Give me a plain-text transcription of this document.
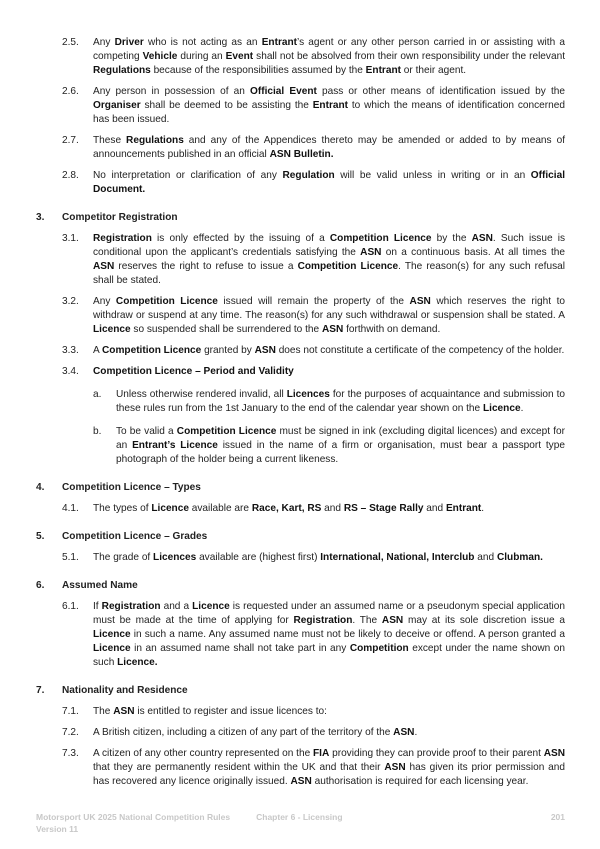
2.5. Any Driver who is not acting as an Entrant’s agent or any other person carried in or assisting with a competing Vehicle during an Event shall not be absolved from their own responsibility under the relevant Regulations because of the responsibilities assumed by the Entrant or their agent.
2.6. Any person in possession of an Official Event pass or other means of identification issued by the Organiser shall be deemed to be assisting the Entrant to which the means of identification concerned has been issued.
2.7. These Regulations and any of the Appendices thereto may be amended or added to by means of announcements published in an official ASN Bulletin.
2.8. No interpretation or clarification of any Regulation will be valid unless in writing or in an Official Document.
3. Competitor Registration
3.1. Registration is only effected by the issuing of a Competition Licence by the ASN. Such issue is conditional upon the applicant’s credentials satisfying the ASN on a continuous basis. At all times the ASN reserves the right to refuse to issue a Competition Licence. The reason(s) for any such refusal shall be stated.
3.2. Any Competition Licence issued will remain the property of the ASN which reserves the right to withdraw or suspend at any time. The reason(s) for any such withdrawal or suspension shall be stated. A Licence so suspended shall be surrendered to the ASN forthwith on demand.
3.3. A Competition Licence granted by ASN does not constitute a certificate of the competency of the holder.
3.4. Competition Licence – Period and Validity
a. Unless otherwise rendered invalid, all Licences for the purposes of acquaintance and submission to these rules run from the 1st January to the end of the calendar year shown on the Licence.
b. To be valid a Competition Licence must be signed in ink (excluding digital licences) and except for an Entrant’s Licence issued in the name of a firm or organisation, must bear a passport type photograph of the holder being a current likeness.
4. Competition Licence – Types
4.1. The types of Licence available are Race, Kart, RS and RS – Stage Rally and Entrant.
5. Competition Licence – Grades
5.1. The grade of Licences available are (highest first) International, National, Interclub and Clubman.
6. Assumed Name
6.1. If Registration and a Licence is requested under an assumed name or a pseudonym special application must be made at the time of applying for Registration. The ASN may at its sole discretion issue a Licence in such a name. Any assumed name must not be likely to deceive or offend. A person granted a Licence in an assumed name shall not take part in any Competition except under the name shown on such Licence.
7. Nationality and Residence
7.1. The ASN is entitled to register and issue licences to:
7.2. A British citizen, including a citizen of any part of the territory of the ASN.
7.3. A citizen of any other country represented on the FIA providing they can provide proof to their parent ASN that they are permanently resident within the UK and that their ASN has given its prior permission and has recovered any licence originally issued. ASN authorisation is required for each licensing year.
Motorsport UK 2025 National Competition Rules
Version 11
Chapter 6 - Licensing	201
